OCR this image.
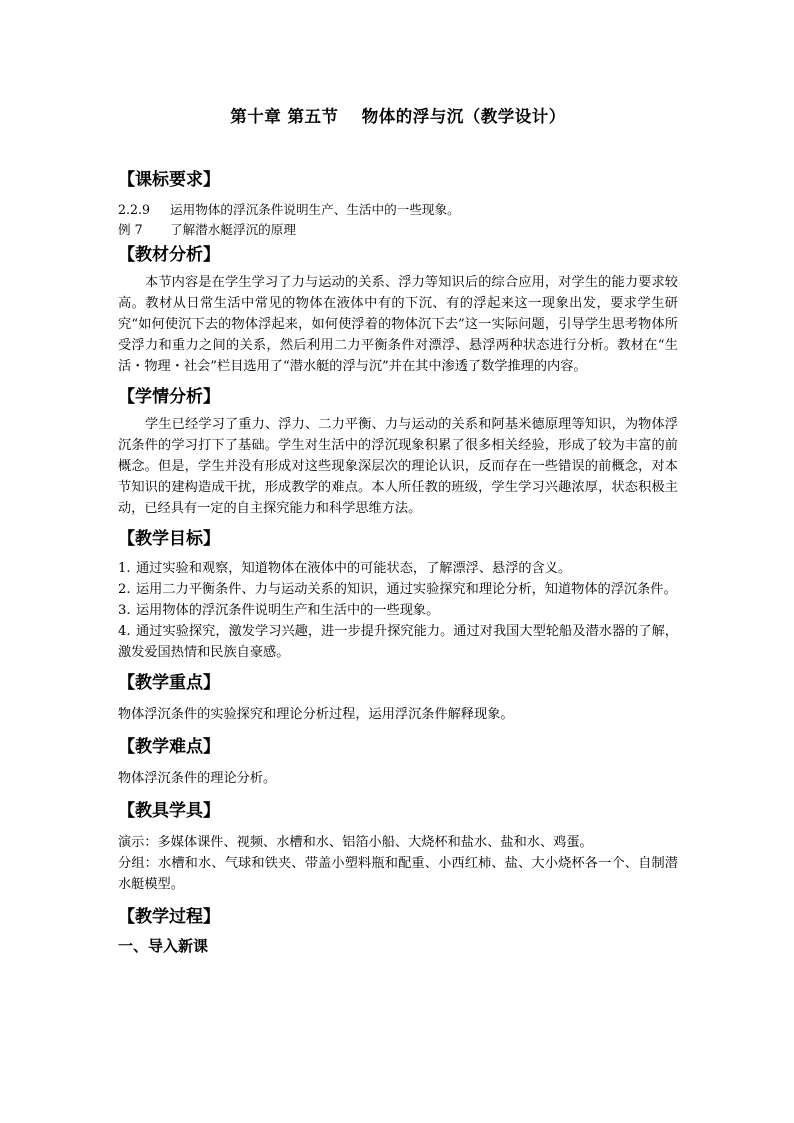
第十章 第五节　 物体的浮与沉（教学设计）
【课标要求】
2.2.9 运用物体的浮沉条件说明生产、生活中的一些现象。
例 7 了解潜水艇浮沉的原理
【教材分析】

本节内容是在学生学习了力与运动的关系、浮力等知识后的综合应用，对学生的能力要求较高。教材从日常生活中常见的物体在液体中有的下沉、有的浮起来这一现象出发，要求学生研究“如何使沉下去的物体浮起来，如何使浮着的物体沉下去”这一实际问题，引导学生思考物体所受浮力和重力之间的关系，然后利用二力平衡条件对漂浮、悬浮两种状态进行分析。教材在“生活・物理・社会”栏目选用了“潜水艇的浮与沉”并在其中渗透了数学推理的内容。

【学情分析】

学生已经学习了重力、浮力、二力平衡、力与运动的关系和阿基米德原理等知识，为物体浮沉条件的学习打下了基础。学生对生活中的浮沉现象积累了很多相关经验，形成了较为丰富的前概念。但是，学生并没有形成对这些现象深层次的理论认识，反而存在一些错误的前概念，对本节知识的建构造成干扰，形成教学的难点。本人所任教的班级，学生学习兴趣浓厚，状态积极主动，已经具有一定的自主探究能力和科学思维方法。

【教学目标】

1. 通过实验和观察，知道物体在液体中的可能状态，了解漂浮、悬浮的含义。

2. 运用二力平衡条件、力与运动关系的知识，通过实验探究和理论分析，知道物体的浮沉条件。

3. 运用物体的浮沉条件说明生产和生活中的一些现象。

4. 通过实验探究，激发学习兴趣，进一步提升探究能力。通过对我国大型轮船及潜水器的了解，激发爱国热情和民族自豪感。

【教学重点】

物体浮沉条件的实验探究和理论分析过程，运用浮沉条件解释现象。

【教学难点】

物体浮沉条件的理论分析。

【教具学具】

演示：多媒体课件、视频、水槽和水、铝箔小船、大烧杯和盐水、盐和水、鸡蛋。

分组：水槽和水、气球和铁夹、带盖小塑料瓶和配重、小西红柿、盐、大小烧杯各一个、自制潜水艇模型。

【教学过程】
一、导入新课
